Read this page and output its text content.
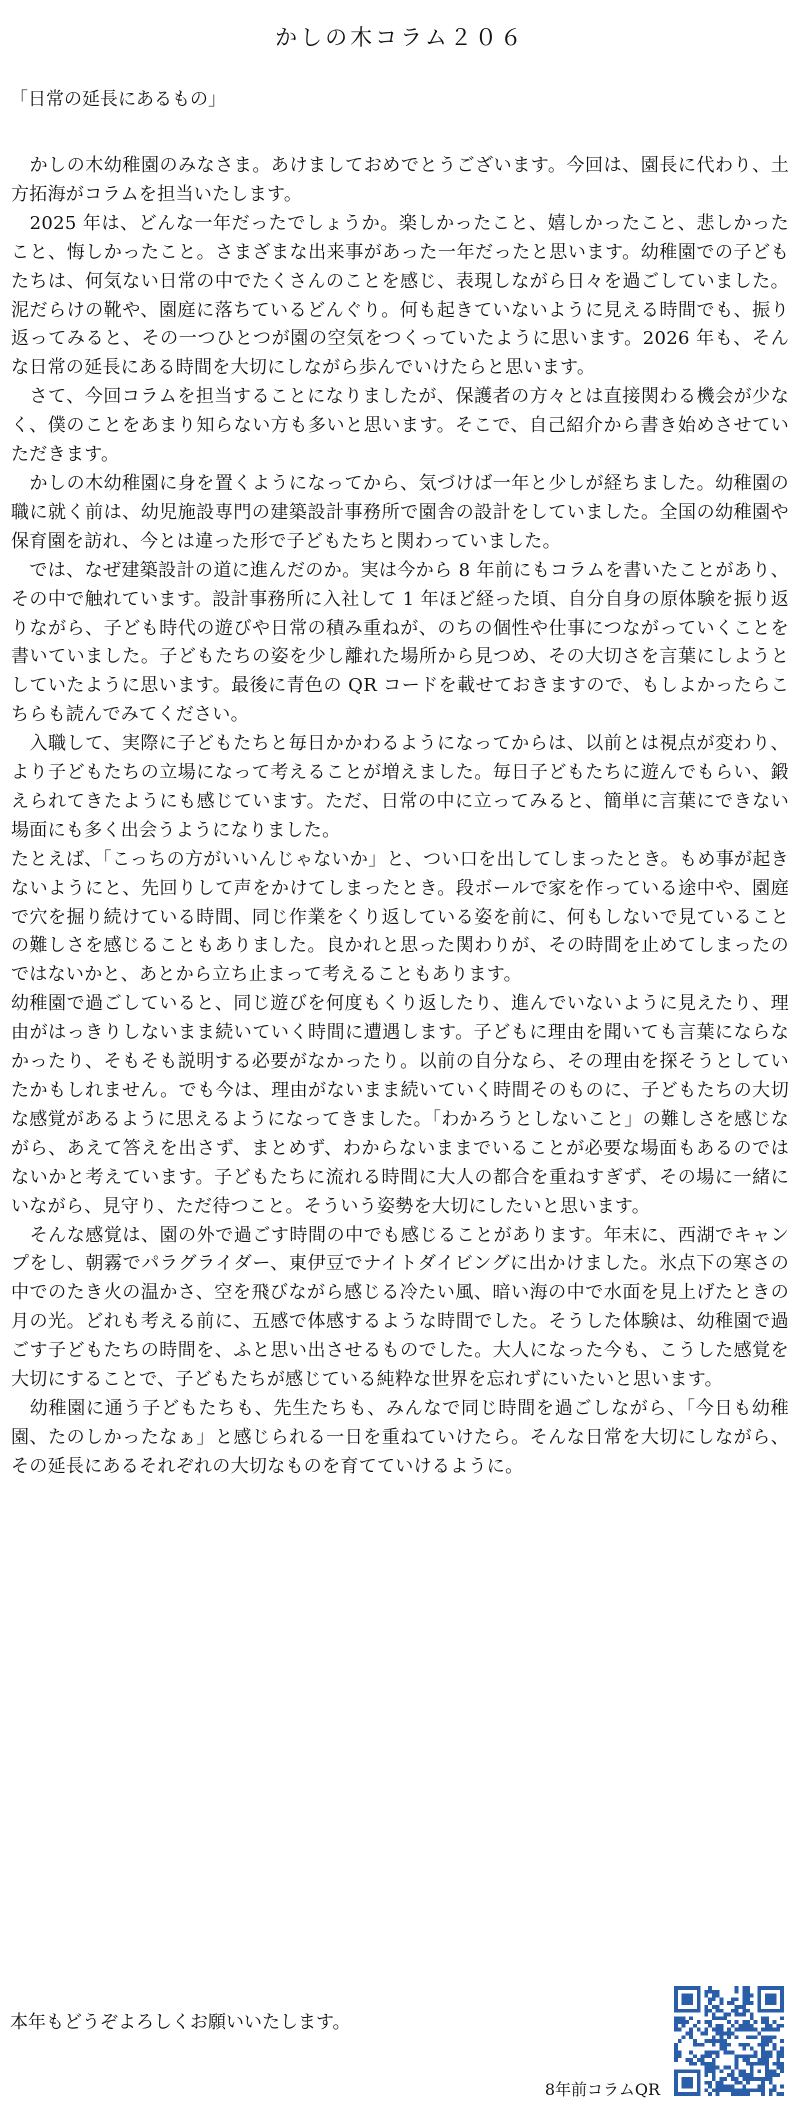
かしの木コラム２０６
「日常の延長にあるもの」

　かしの木幼稚園のみなさま。あけましておめでとうございます。今回は、園長に代わり、土方拓海がコラムを担当いたします。

　2025 年は、どんな一年だったでしょうか。楽しかったこと、嬉しかったこと、悲しかったこと、悔しかったこと。さまざまな出来事があった一年だったと思います。幼稚園での子どもたちは、何気ない日常の中でたくさんのことを感じ、表現しながら日々を過ごしていました。泥だらけの靴や、園庭に落ちているどんぐり。何も起きていないように見える時間でも、振り返ってみると、その一つひとつが園の空気をつくっていたように思います。2026 年も、そんな日常の延長にある時間を大切にしながら歩んでいけたらと思います。

　さて、今回コラムを担当することになりましたが、保護者の方々とは直接関わる機会が少なく、僕のことをあまり知らない方も多いと思います。そこで、自己紹介から書き始めさせていただきます。

　かしの木幼稚園に身を置くようになってから、気づけば一年と少しが経ちました。幼稚園の職に就く前は、幼児施設専門の建築設計事務所で園舎の設計をしていました。全国の幼稚園や保育園を訪れ、今とは違った形で子どもたちと関わっていました。

　では、なぜ建築設計の道に進んだのか。実は今から 8 年前にもコラムを書いたことがあり、その中で触れています。設計事務所に入社して 1 年ほど経った頃、自分自身の原体験を振り返りながら、子ども時代の遊びや日常の積み重ねが、のちの個性や仕事につながっていくことを書いていました。子どもたちの姿を少し離れた場所から見つめ、その大切さを言葉にしようとしていたように思います。最後に青色の QR コードを載せておきますので、もしよかったらこちらも読んでみてください。

　入職して、実際に子どもたちと毎日かかわるようになってからは、以前とは視点が変わり、より子どもたちの立場になって考えることが増えました。毎日子どもたちに遊んでもらい、鍛えられてきたようにも感じています。ただ、日常の中に立ってみると、簡単に言葉にできない場面にも多く出会うようになりました。

たとえば、「こっちの方がいいんじゃないか」と、つい口を出してしまったとき。もめ事が起きないようにと、先回りして声をかけてしまったとき。段ボールで家を作っている途中や、園庭で穴を掘り続けている時間、同じ作業をくり返している姿を前に、何もしないで見ていることの難しさを感じることもありました。良かれと思った関わりが、その時間を止めてしまったのではないかと、あとから立ち止まって考えることもあります。

幼稚園で過ごしていると、同じ遊びを何度もくり返したり、進んでいないように見えたり、理由がはっきりしないまま続いていく時間に遭遇します。子どもに理由を聞いても言葉にならなかったり、そもそも説明する必要がなかったり。以前の自分なら、その理由を探そうとしていたかもしれません。でも今は、理由がないまま続いていく時間そのものに、子どもたちの大切な感覚があるように思えるようになってきました。「わかろうとしないこと」の難しさを感じながら、あえて答えを出さず、まとめず、わからないままでいることが必要な場面もあるのではないかと考えています。子どもたちに流れる時間に大人の都合を重ねすぎず、その場に一緒にいながら、見守り、ただ待つこと。そういう姿勢を大切にしたいと思います。

　そんな感覚は、園の外で過ごす時間の中でも感じることがあります。年末に、西湖でキャンプをし、朝霧でパラグライダー、東伊豆でナイトダイビングに出かけました。氷点下の寒さの中でのたき火の温かさ、空を飛びながら感じる冷たい風、暗い海の中で水面を見上げたときの月の光。どれも考える前に、五感で体感するような時間でした。そうした体験は、幼稚園で過ごす子どもたちの時間を、ふと思い出させるものでした。大人になった今も、こうした感覚を大切にすることで、子どもたちが感じている純粋な世界を忘れずにいたいと思います。

　幼稚園に通う子どもたちも、先生たちも、みんなで同じ時間を過ごしながら、「今日も幼稚園、たのしかったなぁ」と感じられる一日を重ねていけたら。そんな日常を大切にしながら、その延長にあるそれぞれの大切なものを育てていけるように。

本年もどうぞよろしくお願いいたします。
8年前コラムQR
